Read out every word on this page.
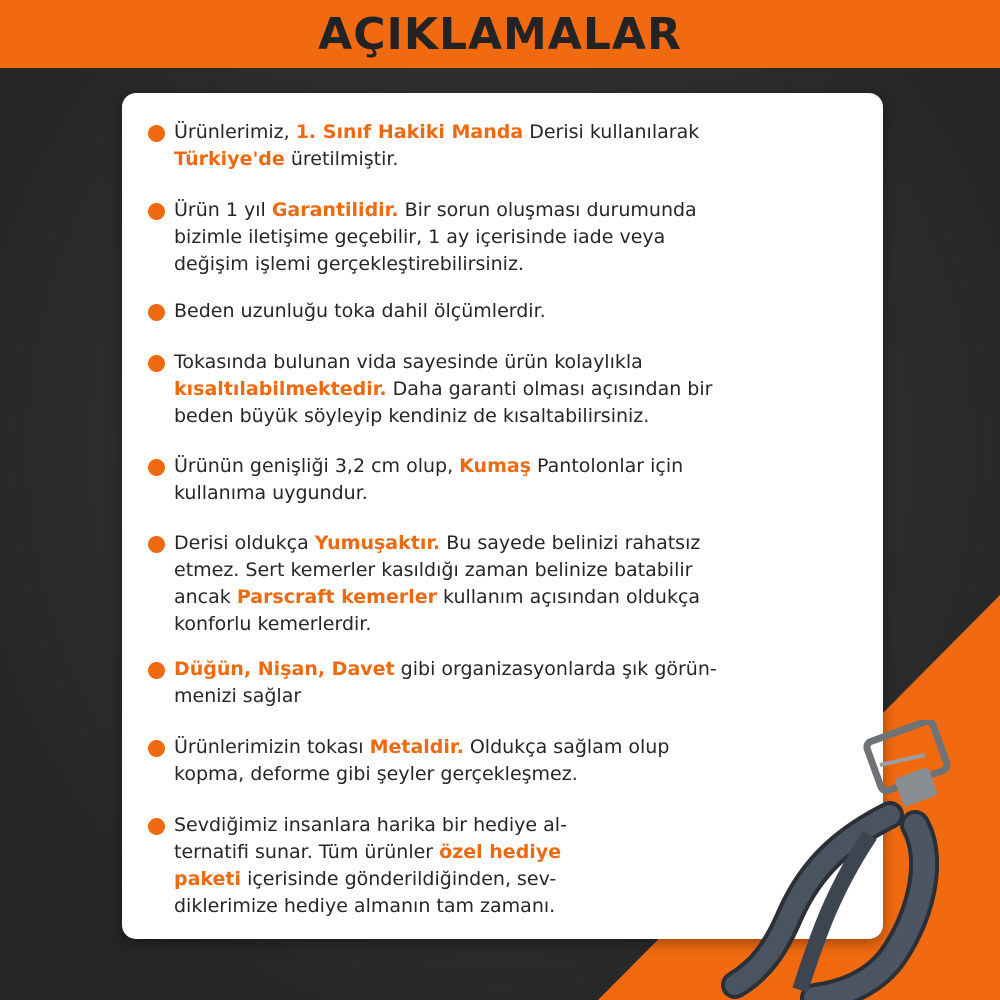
AÇIKLAMALAR
Ürünlerimiz, 1. Sınıf Hakiki Manda Derisi kullanılarak
Türkiye'de üretilmiştir.
Ürün 1 yıl Garantilidir. Bir sorun oluşması durumunda
bizimle iletişime geçebilir, 1 ay içerisinde iade veya
değişim işlemi gerçekleştirebilirsiniz.
Beden uzunluğu toka dahil ölçümlerdir.
Tokasında bulunan vida sayesinde ürün kolaylıkla
kısaltılabilmektedir. Daha garanti olması açısından bir
beden büyük söyleyip kendiniz de kısaltabilirsiniz.
Ürünün genişliği 3,2 cm olup, Kumaş Pantolonlar için
kullanıma uygundur.
Derisi oldukça Yumuşaktır. Bu sayede belinizi rahatsız
etmez. Sert kemerler kasıldığı zaman belinize batabilir
ancak Parscraft kemerler kullanım açısından oldukça
konforlu kemerlerdir.
Düğün, Nişan, Davet gibi organizasyonlarda şık görün-
menizi sağlar
Ürünlerimizin tokası Metaldir. Oldukça sağlam olup
kopma, deforme gibi şeyler gerçekleşmez.
Sevdiğimiz insanlara harika bir hediye al-
ternatifi sunar. Tüm ürünler özel hediye
paketi içerisinde gönderildiğinden, sev-
diklerimize hediye almanın tam zamanı.
